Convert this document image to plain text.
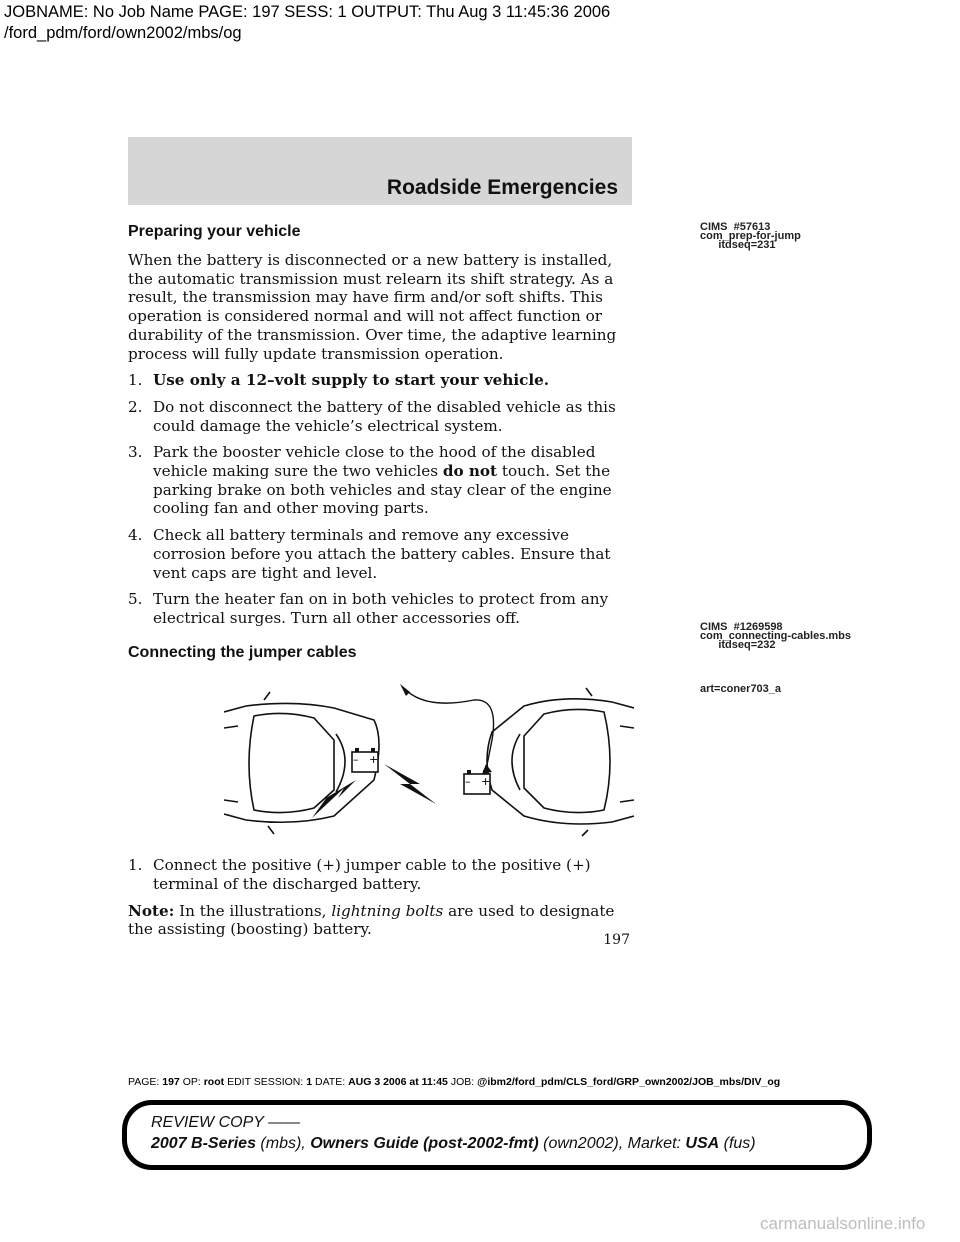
JOBNAME: No Job Name PAGE: 197 SESS: 1 OUTPUT: Thu Aug 3 11:45:36 2006
/ford_pdm/ford/own2002/mbs/og
Roadside Emergencies
CIMS  #57613
com_prep-for-jump
itdseq=231
CIMS  #1269598
com_connecting-cables.mbs
itdseq=232
art=coner703_a
Preparing your vehicle

When the battery is disconnected or a new battery is installed, the automatic transmission must relearn its shift strategy. As a result, the transmission may have firm and/or soft shifts. This operation is considered normal and will not affect function or durability of the transmission. Over time, the adaptive learning process will fully update transmission operation.

1. Use only a 12–volt supply to start your vehicle.
2. Do not disconnect the battery of the disabled vehicle as this could damage the vehicle’s electrical system.
3. Park the booster vehicle close to the hood of the disabled vehicle making sure the two vehicles do not touch. Set the parking brake on both vehicles and stay clear of the engine cooling fan and other moving parts.
4. Check all battery terminals and remove any excessive corrosion before you attach the battery cables. Ensure that vent caps are tight and level.
5. Turn the heater fan on in both vehicles to protect from any electrical surges. Turn all other accessories off.
Connecting the jumper cables
– +
– +
1. Connect the positive (+) jumper cable to the positive (+) terminal of the discharged battery.

Note: In the illustrations, lightning bolts are used to designate the assisting (boosting) battery.

197
PAGE: 197 OP: root EDIT SESSION: 1 DATE: AUG 3 2006 at 11:45 JOB: @ibm2/ford_pdm/CLS_ford/GRP_own2002/JOB_mbs/DIV_og
REVIEW COPY ——
2007 B-Series (mbs), Owners Guide (post-2002-fmt) (own2002), Market: USA (fus)
carmanualsonline.info
